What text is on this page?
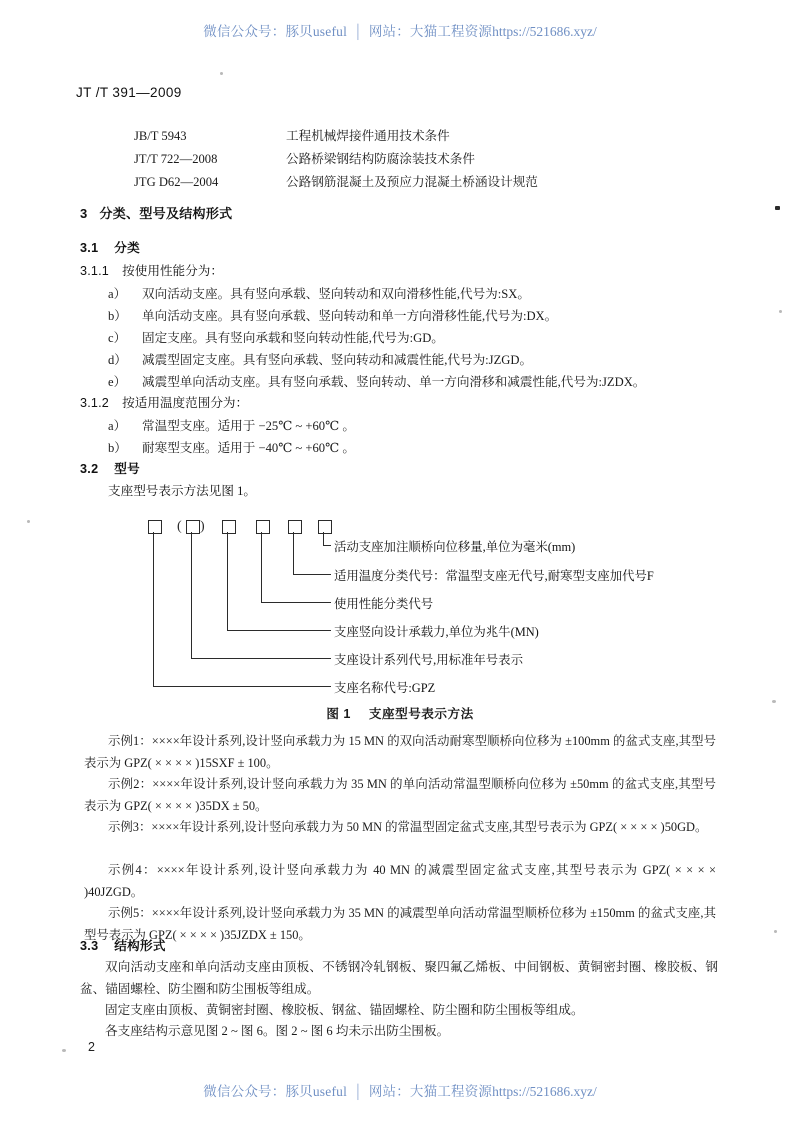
微信公众号：豚贝useful │ 网站：大猫工程资源https://521686.xyz/
微信公众号：豚贝useful │ 网站：大猫工程资源https://521686.xyz/
JT /T 391—2009
JB/T 5943	工程机械焊接件通用技术条件
JT/T 722—2008	公路桥梁钢结构防腐涂装技术条件
JTG D62—2004	公路钢筋混凝土及预应力混凝土桥涵设计规范
3 分类、型号及结构形式
3.1 分类
3.1.1 按使用性能分为：
a） 双向活动支座。具有竖向承载、竖向转动和双向滑移性能,代号为:SX。
b） 单向活动支座。具有竖向承载、竖向转动和单一方向滑移性能,代号为:DX。
c） 固定支座。具有竖向承载和竖向转动性能,代号为:GD。
d） 减震型固定支座。具有竖向承载、竖向转动和减震性能,代号为:JZGD。
e） 减震型单向活动支座。具有竖向承载、竖向转动、单一方向滑移和减震性能,代号为:JZDX。
3.1.2 按适用温度范围分为：
a） 常温型支座。适用于 −25℃ ~ +60℃ 。
b） 耐寒型支座。适用于 −40℃ ~ +60℃ 。
3.2 型号
支座型号表示方法见图 1。
( )
活动支座加注顺桥向位移量,单位为毫米(mm)
适用温度分类代号：常温型支座无代号,耐寒型支座加代号F
使用性能分类代号
支座竖向设计承载力,单位为兆牛(MN)
支座设计系列代号,用标准年号表示
支座名称代号:GPZ
图 1 支座型号表示方法
示例1：××××年设计系列,设计竖向承载力为 15 MN 的双向活动耐寒型顺桥向位移为 ±100mm 的盆式支座,其型号表示为 GPZ( × × × × )15SXF ± 100。
示例2：××××年设计系列,设计竖向承载力为 35 MN 的单向活动常温型顺桥向位移为 ±50mm 的盆式支座,其型号表示为 GPZ( × × × × )35DX ± 50。
示例3：××××年设计系列,设计竖向承载力为 50 MN 的常温型固定盆式支座,其型号表示为 GPZ( × × × × )50GD。
示例4：××××年设计系列,设计竖向承载力为 40 MN 的减震型固定盆式支座,其型号表示为 GPZ( × × × × )40JZGD。
示例5：××××年设计系列,设计竖向承载力为 35 MN 的减震型单向活动常温型顺桥位移为 ±150mm 的盆式支座,其型号表示为 GPZ( × × × × )35JZDX ± 150。
3.3 结构形式
双向活动支座和单向活动支座由顶板、不锈钢冷轧钢板、聚四氟乙烯板、中间钢板、黄铜密封圈、橡胶板、钢盆、锚固螺栓、防尘圈和防尘围板等组成。
固定支座由顶板、黄铜密封圈、橡胶板、钢盆、锚固螺栓、防尘圈和防尘围板等组成。
各支座结构示意见图 2 ~ 图 6。图 2 ~ 图 6 均未示出防尘围板。
2
